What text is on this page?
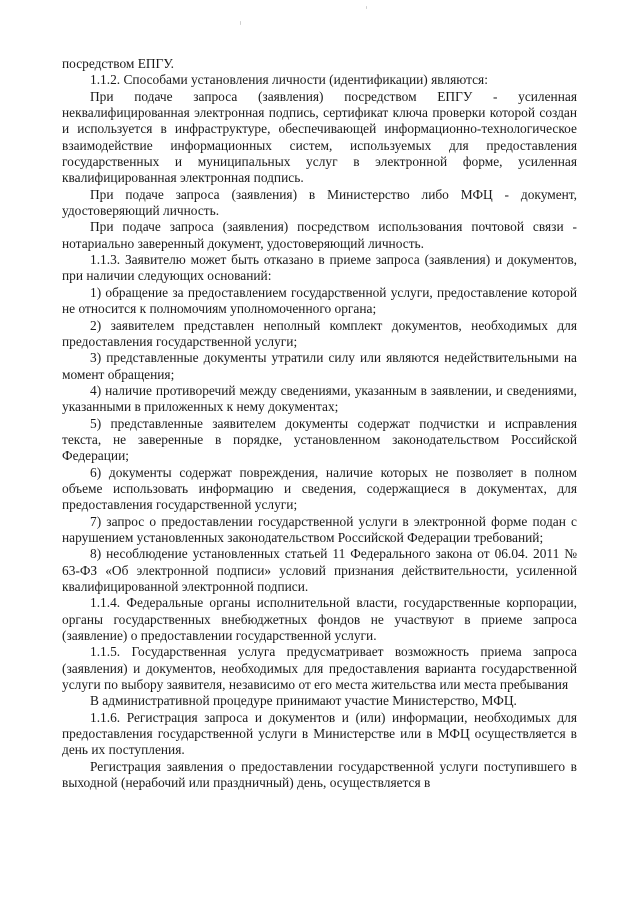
посредством ЕПГУ.

1.1.2. Способами установления личности (идентификации) являются:

При подаче запроса (заявления) посредством ЕПГУ - усиленная неквалифицированная электронная подпись, сертификат ключа проверки которой создан и используется в инфраструктуре, обеспечивающей информационно-технологическое взаимодействие информационных систем, используемых для предоставления государственных и муниципальных услуг в электронной форме, усиленная квалифицированная электронная подпись.

При подаче запроса (заявления) в Министерство либо МФЦ - документ, удостоверяющий личность.

При подаче запроса (заявления) посредством использования почтовой связи - нотариально заверенный документ, удостоверяющий личность.

1.1.3. Заявителю может быть отказано в приеме запроса (заявления) и документов, при наличии следующих оснований:

1) обращение за предоставлением государственной услуги, предоставление которой не относится к полномочиям уполномоченного органа;

2) заявителем представлен неполный комплект документов, необходимых для предоставления государственной услуги;

3) представленные документы утратили силу или являются недействительными на момент обращения;

4) наличие противоречий между сведениями, указанным в заявлении, и сведениями, указанными в приложенных к нему документах;

5) представленные заявителем документы содержат подчистки и исправления текста, не заверенные в порядке, установленном законодательством Российской Федерации;

6) документы содержат повреждения, наличие которых не позволяет в полном объеме использовать информацию и сведения, содержащиеся в документах, для предоставления государственной услуги;

7) запрос о предоставлении государственной услуги в электронной форме подан с нарушением установленных законодательством Российской Федерации требований;

8) несоблюдение установленных статьей 11 Федерального закона от 06.04. 2011 № 63-ФЗ «Об электронной подписи» условий признания действительности, усиленной квалифицированной электронной подписи.

1.1.4. Федеральные органы исполнительной власти, государственные корпорации, органы государственных внебюджетных фондов не участвуют в приеме запроса (заявление) о предоставлении государственной услуги.

1.1.5. Государственная услуга предусматривает возможность приема запроса (заявления) и документов, необходимых для предоставления варианта государственной услуги по выбору заявителя, независимо от его места жительства или места пребывания

В административной процедуре принимают участие Министерство, МФЦ.

1.1.6. Регистрация запроса и документов и (или) информации, необходимых для предоставления государственной услуги в Министерстве или в МФЦ осуществляется в день их поступления.

Регистрация заявления о предоставлении государственной услуги поступившего в выходной (нерабочий или праздничный) день, осуществляется в
